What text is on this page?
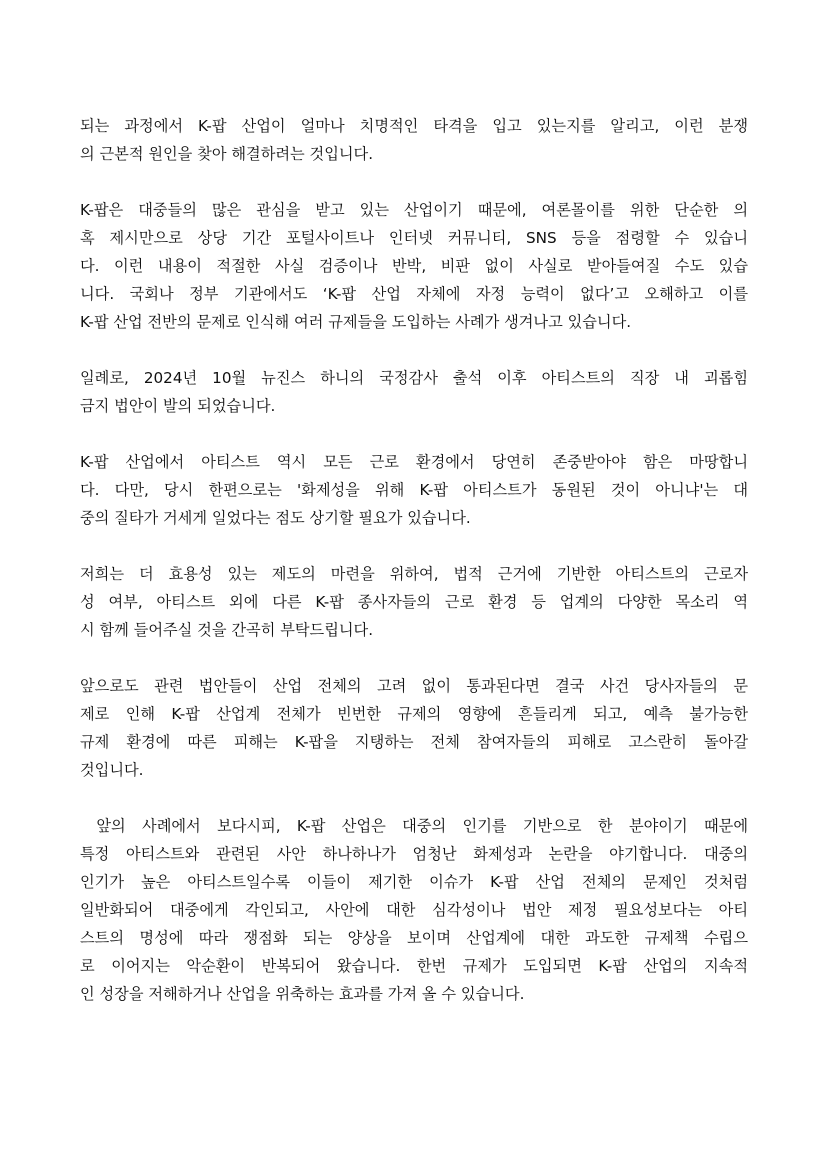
되는 과정에서 K-팝 산업이 얼마나 치명적인 타격을 입고 있는지를 알리고, 이런 분쟁
의 근본적 원인을 찾아 해결하려는 것입니다.

K-팝은 대중들의 많은 관심을 받고 있는 산업이기 때문에, 여론몰이를 위한 단순한 의
혹 제시만으로 상당 기간 포털사이트나 인터넷 커뮤니티, SNS 등을 점령할 수 있습니
다. 이런 내용이 적절한 사실 검증이나 반박, 비판 없이 사실로 받아들여질 수도 있습
니다. 국회나 정부 기관에서도 ‘K-팝 산업 자체에 자정 능력이 없다’고 오해하고 이를
K-팝 산업 전반의 문제로 인식해 여러 규제들을 도입하는 사례가 생겨나고 있습니다.

일례로, 2024년 10월 뉴진스 하니의 국정감사 출석 이후 아티스트의 직장 내 괴롭힘
금지 법안이 발의 되었습니다.

K-팝 산업에서 아티스트 역시 모든 근로 환경에서 당연히 존중받아야 함은 마땅합니
다. 다만, 당시 한편으로는 '화제성을 위해 K-팝 아티스트가 동원된 것이 아니냐'는 대
중의 질타가 거세게 일었다는 점도 상기할 필요가 있습니다.

저희는 더 효용성 있는 제도의 마련을 위하여, 법적 근거에 기반한 아티스트의 근로자
성 여부, 아티스트 외에 다른 K-팝 종사자들의 근로 환경 등 업계의 다양한 목소리 역
시 함께 들어주실 것을 간곡히 부탁드립니다.

앞으로도 관련 법안들이 산업 전체의 고려 없이 통과된다면 결국 사건 당사자들의 문
제로 인해 K-팝 산업계 전체가 빈번한 규제의 영향에 흔들리게 되고, 예측 불가능한
규제 환경에 따른 피해는 K-팝을 지탱하는 전체 참여자들의 피해로 고스란히 돌아갈
것입니다.

앞의 사례에서 보다시피, K-팝 산업은 대중의 인기를 기반으로 한 분야이기 때문에
특정 아티스트와 관련된 사안 하나하나가 엄청난 화제성과 논란을 야기합니다. 대중의
인기가 높은 아티스트일수록 이들이 제기한 이슈가 K-팝 산업 전체의 문제인 것처럼
일반화되어 대중에게 각인되고, 사안에 대한 심각성이나 법안 제정 필요성보다는 아티
스트의 명성에 따라 쟁점화 되는 양상을 보이며 산업계에 대한 과도한 규제책 수립으
로 이어지는 악순환이 반복되어 왔습니다. 한번 규제가 도입되면 K-팝 산업의 지속적
인 성장을 저해하거나 산업을 위축하는 효과를 가져 올 수 있습니다.
